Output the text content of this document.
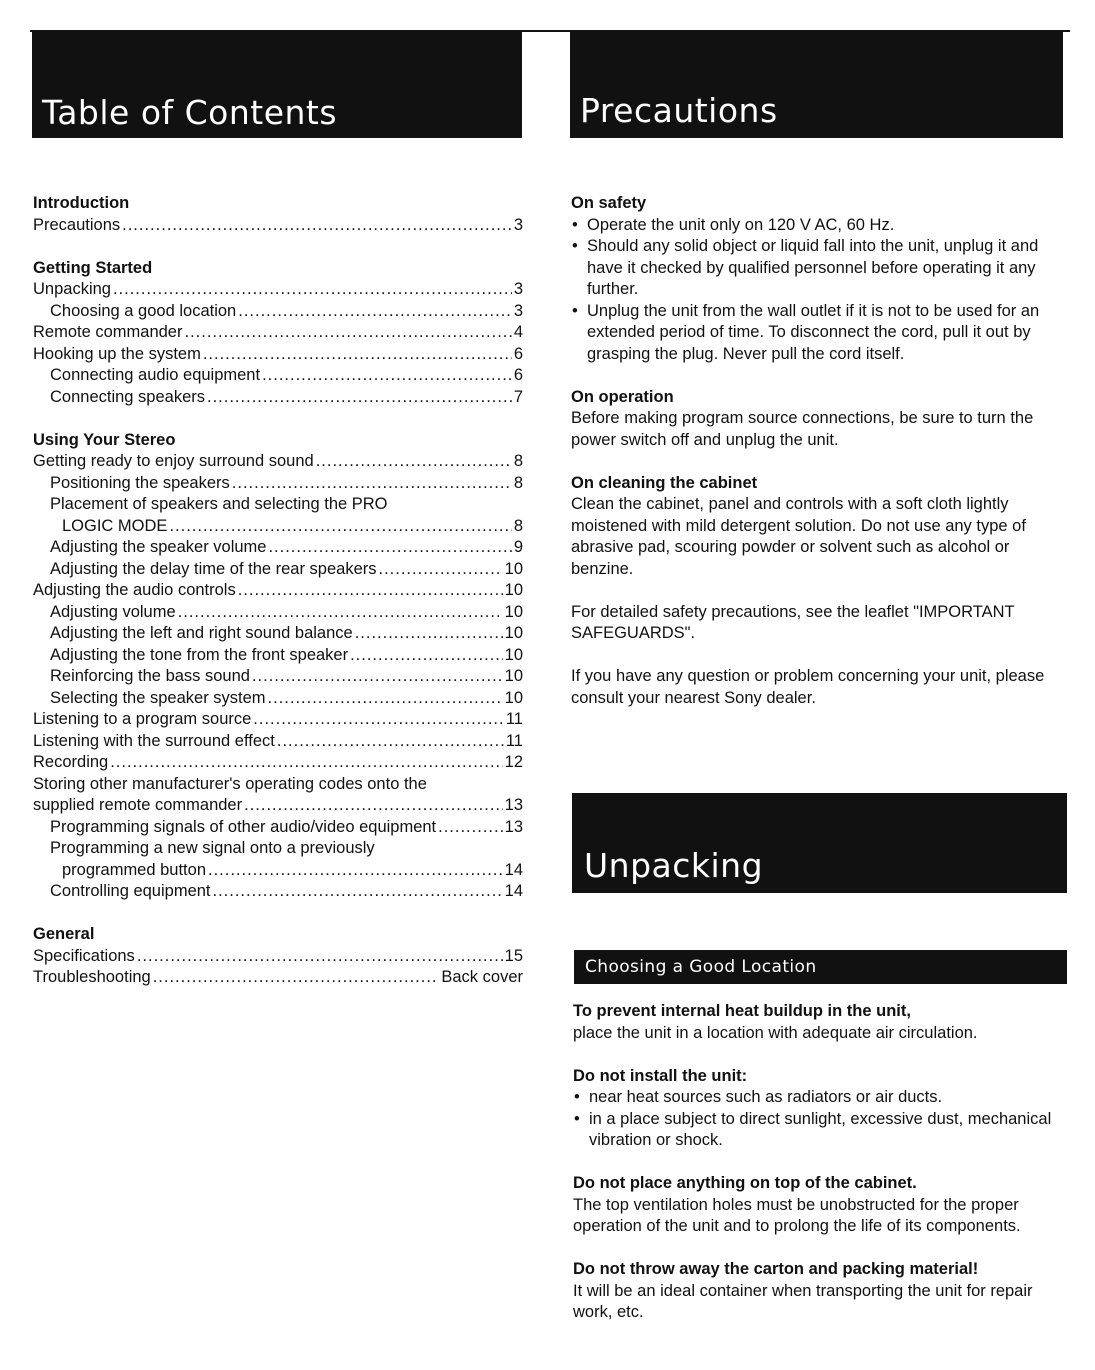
Table of Contents	Precautions
Unpacking
Choosing a Good Location
Introduction
Precautions .....	3
Getting Started
Unpacking .....	3
Choosing a good location .....	3
Remote commander .....	4
Hooking up the system .....	6
Connecting audio equipment .....	6
Connecting speakers .....	7
Using Your Stereo
Getting ready to enjoy surround sound .....	8
Positioning the speakers .....	8
Placement of speakers and selecting the PRO
LOGIC MODE .....	8
Adjusting the speaker volume .....	9
Adjusting the delay time of the rear speakers .....	10
Adjusting the audio controls .....	10
Adjusting volume .....	10
Adjusting the left and right sound balance .....	10
Adjusting the tone from the front speaker .....	10
Reinforcing the bass sound .....	10
Selecting the speaker system .....	10
Listening to a program source .....	11
Listening with the surround effect .....	11
Recording .....	12
Storing other manufacturer's operating codes onto the
supplied remote commander .....	13
Programming signals of other audio/video equipment .....	13
Programming a new signal onto a previously
programmed button .....	14
Controlling equipment .....	14
General
Specifications .....	15
Troubleshooting .....	Back cover
On safety
• Operate the unit only on 120 V AC, 60 Hz.
• Should any solid object or liquid fall into the unit, unplug it and have it checked by qualified personnel before operating it any further.
• Unplug the unit from the wall outlet if it is not to be used for an extended period of time. To disconnect the cord, pull it out by grasping the plug. Never pull the cord itself.
On operation

Before making program source connections, be sure to turn the power switch off and unplug the unit.

On cleaning the cabinet

Clean the cabinet, panel and controls with a soft cloth lightly moistened with mild detergent solution. Do not use any type of abrasive pad, scouring powder or solvent such as alcohol or benzine.

For detailed safety precautions, see the leaflet "IMPORTANT SAFEGUARDS".

If you have any question or problem concerning your unit, please consult your nearest Sony dealer.

To prevent internal heat buildup in the unit,

place the unit in a location with adequate air circulation.

Do not install the unit:
• near heat sources such as radiators or air ducts.
• in a place subject to direct sunlight, excessive dust, mechanical vibration or shock.
Do not place anything on top of the cabinet.

The top ventilation holes must be unobstructed for the proper operation of the unit and to prolong the life of its components.

Do not throw away the carton and packing material!

It will be an ideal container when transporting the unit for repair work, etc.
